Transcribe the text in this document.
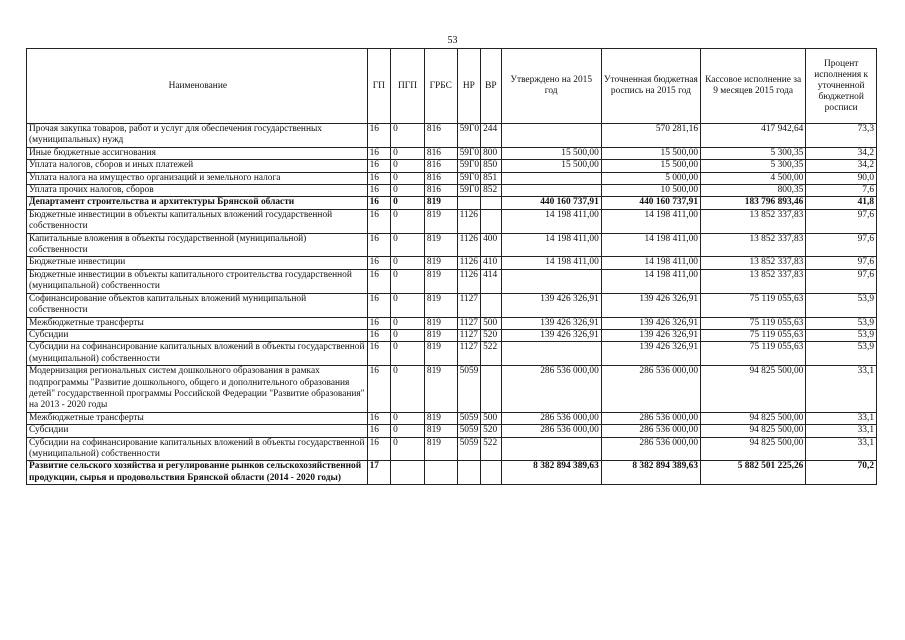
53
Наименование	ГП	ПГП	ГРБС	НР	ВР	Утверждено на 2015 год	Уточненная бюджетная роспись на 2015 год	Кассовое исполнение за 9 месяцев 2015 года	Процент исполнения к уточненной бюджетной росписи
Прочая закупка товаров, работ и услуг для обеспечения государственных (муниципальных) нужд	16	0	816	59Г0	244		570 281,16	417 942,64	73,3
Иные бюджетные ассигнования	16	0	816	59Г0	800	15 500,00	15 500,00	5 300,35	34,2
Уплата налогов, сборов и иных платежей	16	0	816	59Г0	850	15 500,00	15 500,00	5 300,35	34,2
Уплата налога на имущество организаций и земельного налога	16	0	816	59Г0	851		5 000,00	4 500,00	90,0
Уплата прочих налогов, сборов	16	0	816	59Г0	852		10 500,00	800,35	7,6
Департамент строительства и архитектуры Брянской области	16	0	819			440 160 737,91	440 160 737,91	183 796 893,46	41,8
Бюджетные инвестиции в объекты капитальных вложений государственной собственности	16	0	819	1126		14 198 411,00	14 198 411,00	13 852 337,83	97,6
Капитальные вложения в объекты государственной (муниципальной) собственности	16	0	819	1126	400	14 198 411,00	14 198 411,00	13 852 337,83	97,6
Бюджетные инвестиции	16	0	819	1126	410	14 198 411,00	14 198 411,00	13 852 337,83	97,6
Бюджетные инвестиции в объекты капитального строительства государственной (муниципальной) собственности	16	0	819	1126	414		14 198 411,00	13 852 337,83	97,6
Софинансирование объектов капитальных вложений муниципальной собственности	16	0	819	1127		139 426 326,91	139 426 326,91	75 119 055,63	53,9
Межбюджетные трансферты	16	0	819	1127	500	139 426 326,91	139 426 326,91	75 119 055,63	53,9
Субсидии	16	0	819	1127	520	139 426 326,91	139 426 326,91	75 119 055,63	53,9
Субсидии на софинансирование капитальных вложений в объекты государственной (муниципальной) собственности	16	0	819	1127	522		139 426 326,91	75 119 055,63	53,9
Модернизация региональных систем дошкольного образования в рамках подпрограммы "Развитие дошкольного, общего и дополнительного образования детей" государственной программы Российской Федерации "Развитие образования" на 2013 - 2020 годы	16	0	819	5059		286 536 000,00	286 536 000,00	94 825 500,00	33,1
Межбюджетные трансферты	16	0	819	5059	500	286 536 000,00	286 536 000,00	94 825 500,00	33,1
Субсидии	16	0	819	5059	520	286 536 000,00	286 536 000,00	94 825 500,00	33,1
Субсидии на софинансирование капитальных вложений в объекты государственной (муниципальной) собственности	16	0	819	5059	522		286 536 000,00	94 825 500,00	33,1
Развитие сельского хозяйства и регулирование рынков сельскохозяйственной продукции, сырья и продовольствия Брянской области (2014 - 2020 годы)	17					8 382 894 389,63	8 382 894 389,63	5 882 501 225,26	70,2
